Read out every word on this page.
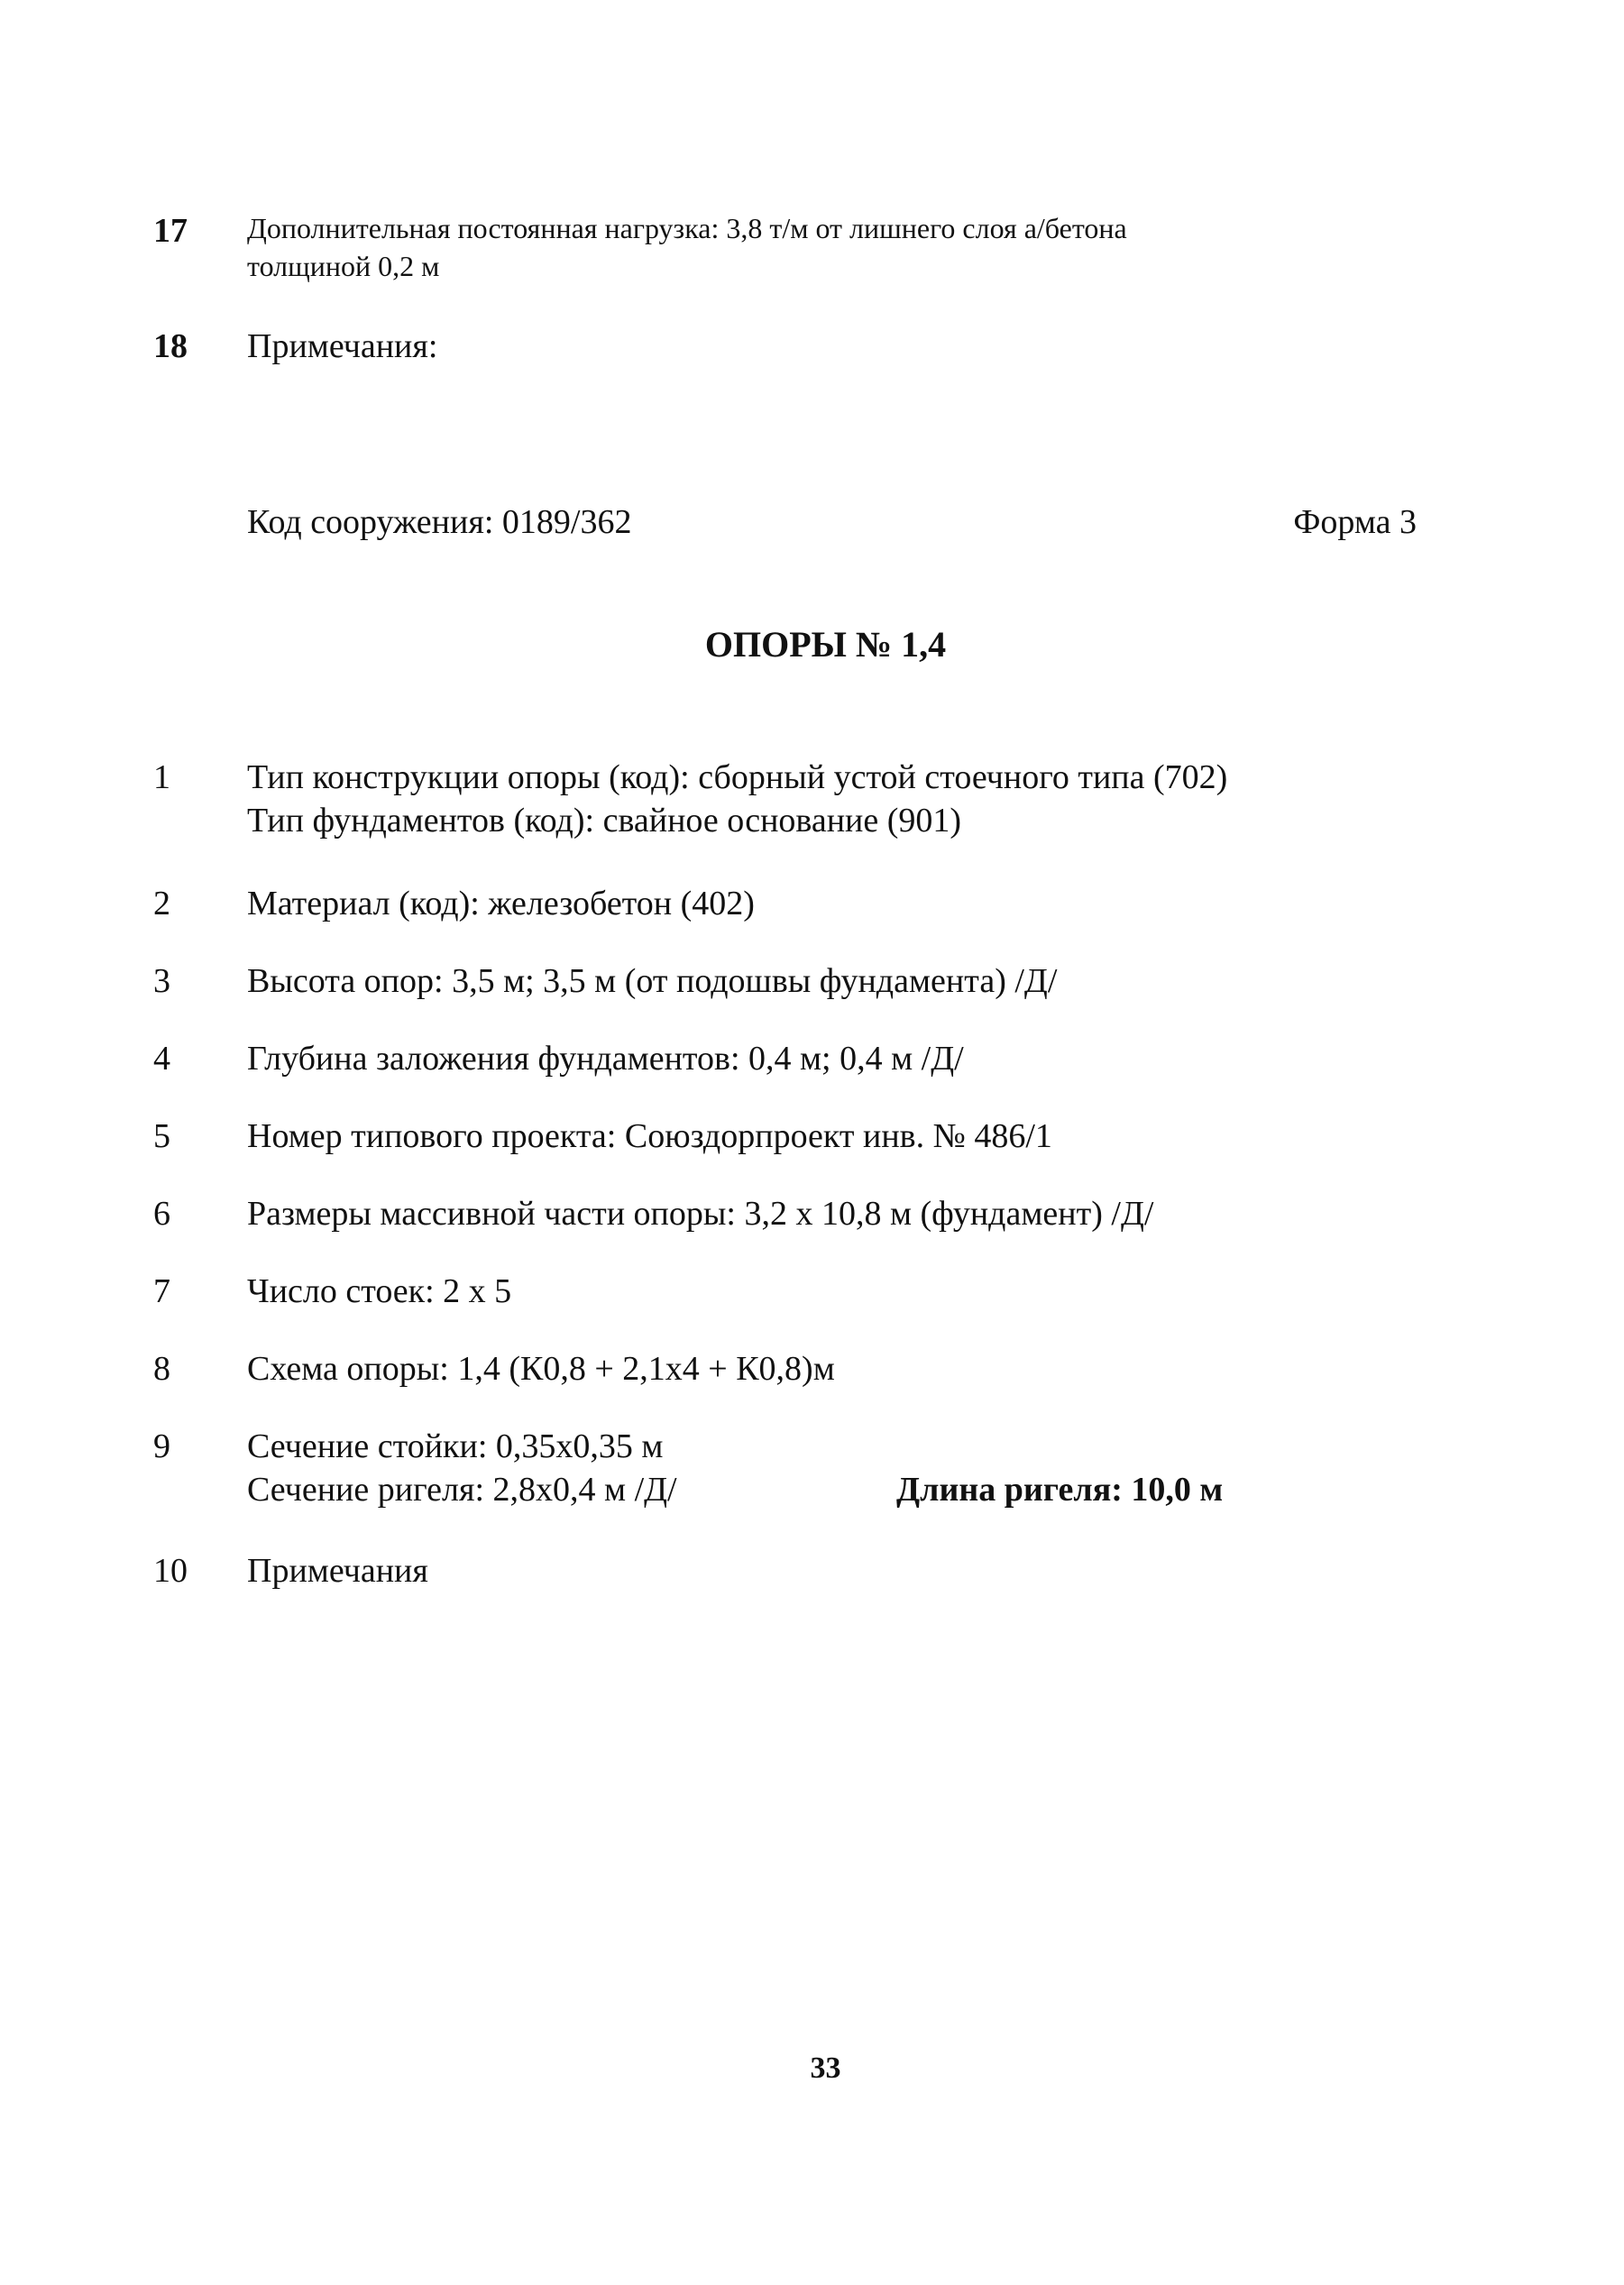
17	Дополнительная постоянная нагрузка: 3,8 т/м от лишнего слоя а/бетона
толщиной 0,2 м
18	Примечания:
Код сооружения: 0189/362	Форма 3
ОПОРЫ № 1,4
1	Тип конструкции опоры (код): сборный устой стоечного типа (702)
Тип фундаментов (код): свайное основание (901)
2	Материал (код): железобетон (402)
3	Высота опор: 3,5 м; 3,5 м (от подошвы фундамента) /Д/
4	Глубина заложения фундаментов: 0,4 м; 0,4 м /Д/
5	Номер типового проекта: Союздорпроект инв. № 486/1
6	Размеры массивной части опоры: 3,2 х 10,8 м (фундамент) /Д/
7	Число стоек: 2 х 5
8	Схема опоры: 1,4 (К0,8 + 2,1х4 + К0,8)м
9	Сечение стойки: 0,35х0,35 м
Сечение ригеля: 2,8х0,4 м /Д/	Длина ригеля: 10,0 м
10	Примечания
33
